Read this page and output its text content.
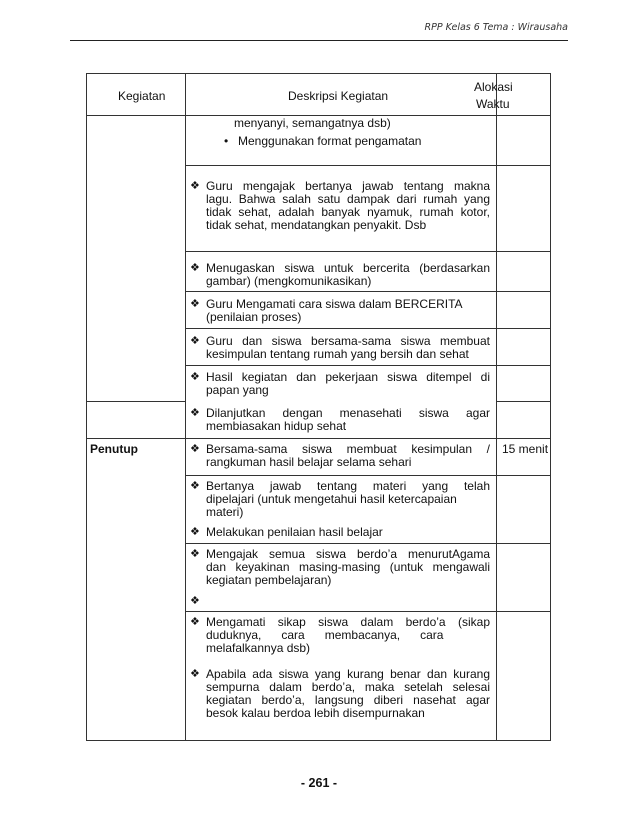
RPP Kelas 6 Tema : Wirausaha
Kegiatan	Deskripsi Kegiatan
Alokasi
Waktu
menyanyi, semangatnya dsb)
• Menggunakan format pengamatan
❖ Guru mengajak bertanya jawab tentang makna
lagu. Bahwa salah satu dampak dari rumah yang
tidak sehat, adalah banyak nyamuk, rumah kotor,
tidak sehat, mendatangkan penyakit. Dsb
❖ Menugaskan siswa untuk bercerita (berdasarkan
gambar) (mengkomunikasikan)
❖ Guru Mengamati cara siswa dalam BERCERITA
(penilaian proses)
❖ Guru dan siswa bersama-sama siswa membuat
kesimpulan tentang rumah yang bersih dan sehat
❖ Hasil kegiatan dan pekerjaan siswa ditempel di
papan yang
❖ Dilanjutkan dengan menasehati siswa agar
membiasakan hidup sehat
Penutup	15 menit
❖ Bersama-sama siswa membuat kesimpulan /
rangkuman hasil belajar selama sehari
❖ Bertanya jawab tentang materi yang telah
dipelajari (untuk mengetahui hasil ketercapaian
materi)
❖ Melakukan penilaian hasil belajar
❖ Mengajak semua siswa berdo’a menurutAgama
dan keyakinan masing-masing (untuk mengawali
kegiatan pembelajaran)
❖
❖ Mengamati sikap siswa dalam berdo’a (sikap
duduknya,      cara      membacanya,      cara
melafalkannya dsb)
❖ Apabila ada siswa yang kurang benar dan kurang
sempurna dalam berdo’a, maka setelah selesai
kegiatan berdo’a, langsung diberi nasehat agar
besok kalau berdoa lebih disempurnakan
- 261 -
